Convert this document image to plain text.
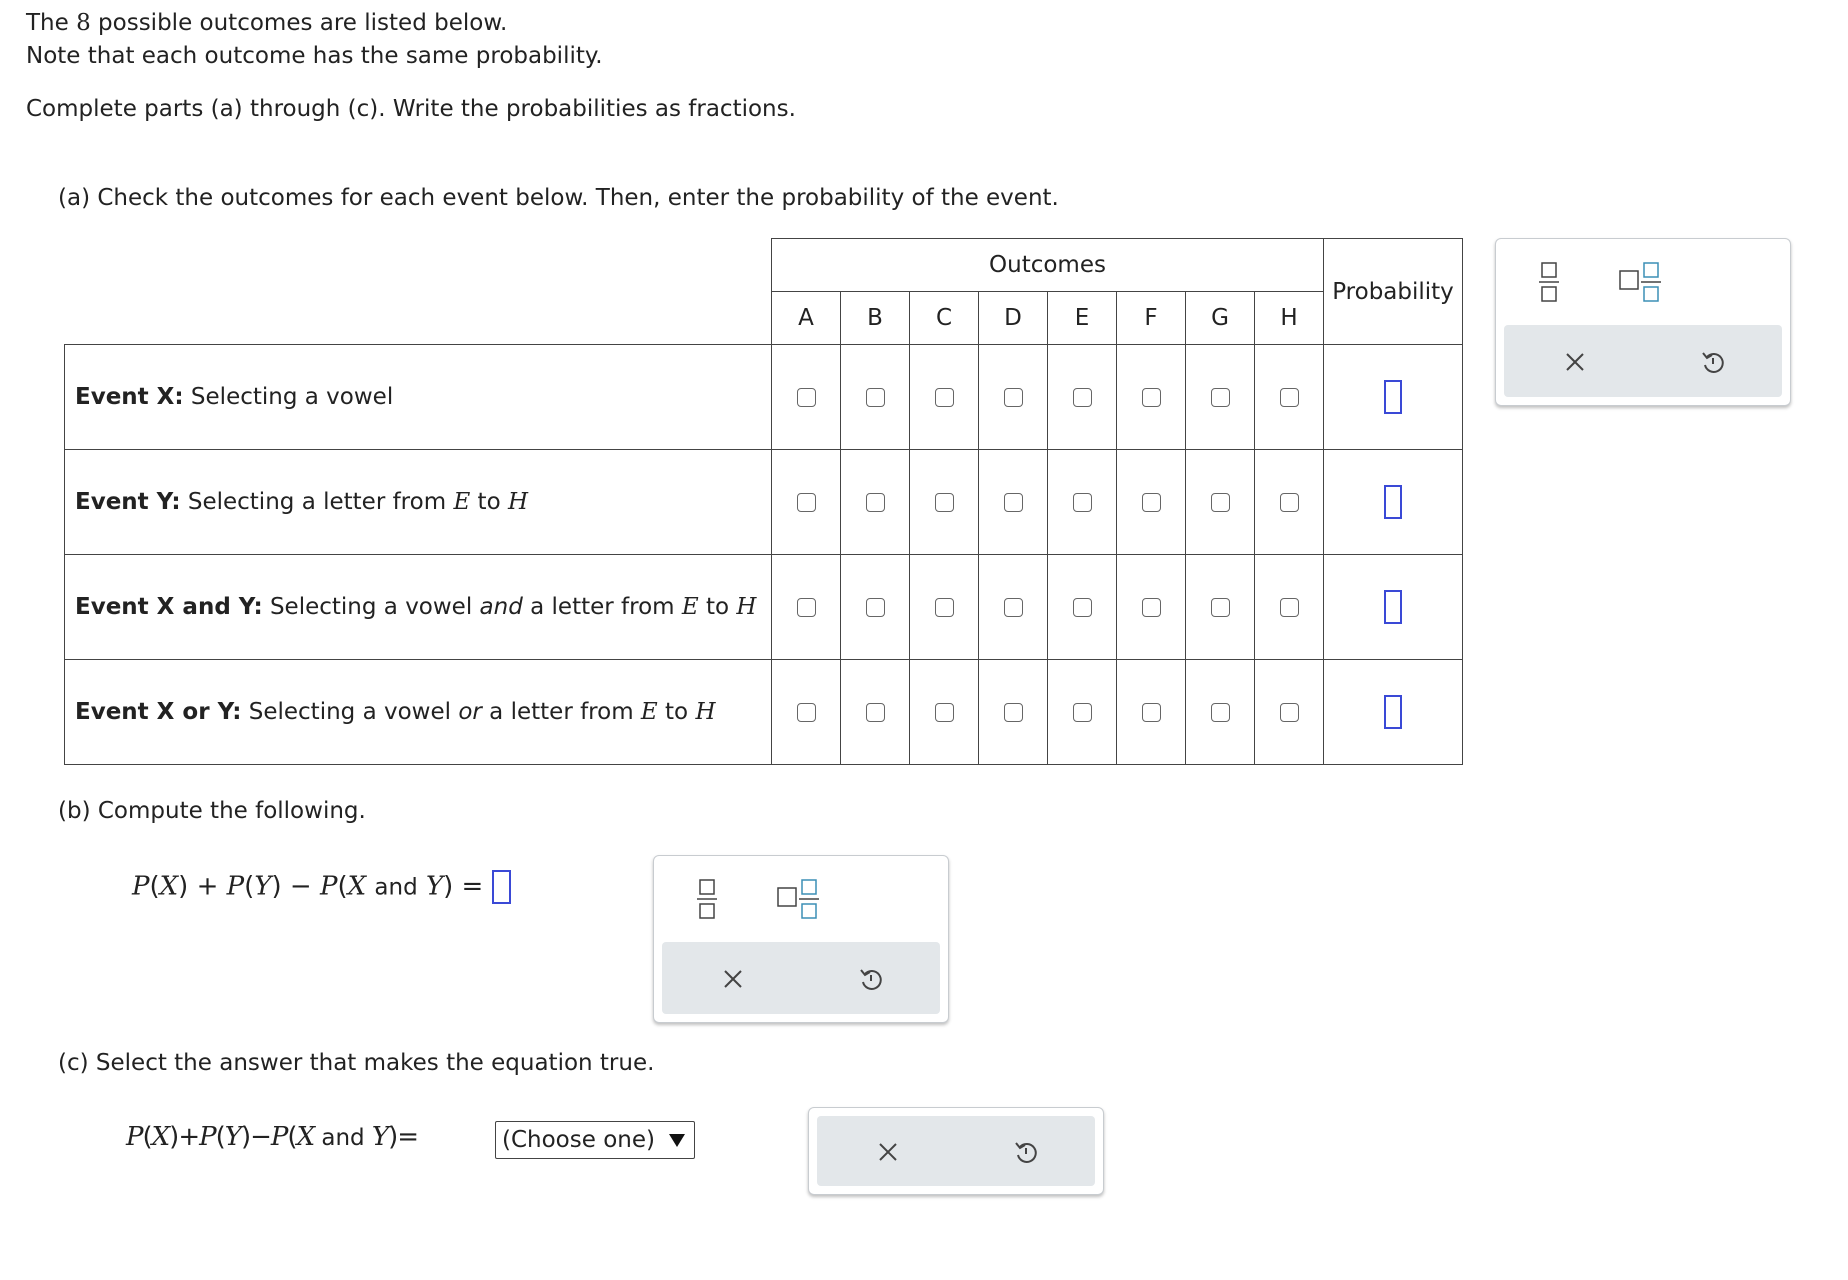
The 8 possible outcomes are listed below.
Note that each outcome has the same probability.
Complete parts (a) through (c). Write the probabilities as fractions.
(a) Check the outcomes for each event below. Then, enter the probability of the event.
	Outcomes								Probability
	A	B	C	D	E	F	G	H	
Event X: Selecting a vowel									
Event Y: Selecting a letter from E to H									
Event X and Y: Selecting a vowel and a letter from E to H									
Event X or Y: Selecting a vowel or a letter from E to H									
(b) Compute the following.
P(X) + P(Y) − P(X and Y) =
(c) Select the answer that makes the equation true.
P(X)+P(Y)−P(X and Y)=	(Choose one)
